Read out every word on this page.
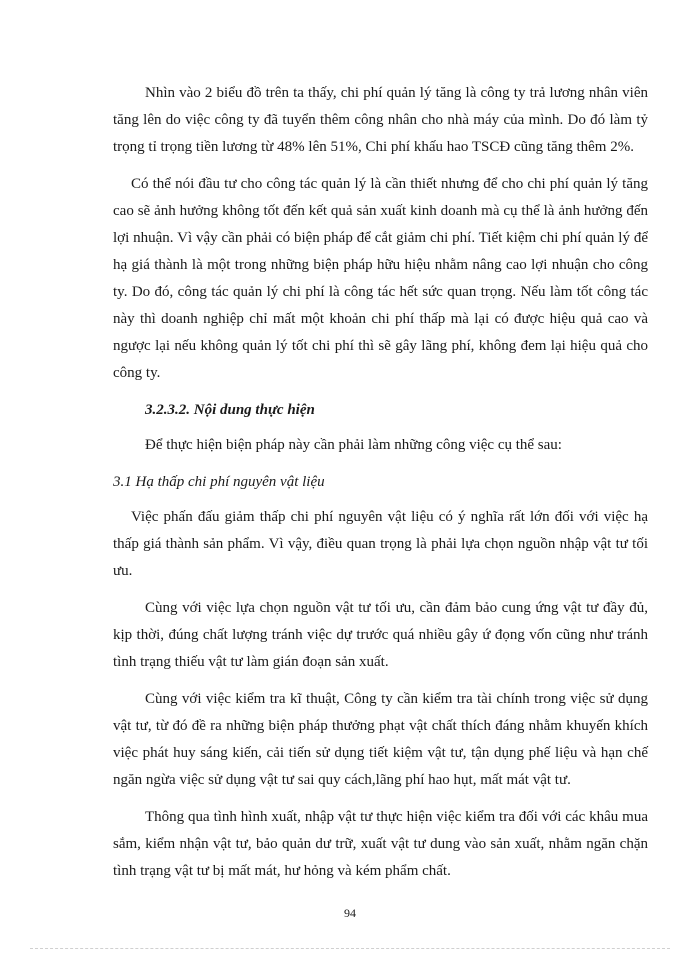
Nhìn vào 2 biểu đồ trên ta thấy, chi phí quản lý tăng là công ty trả lương nhân viên tăng lên do việc công ty đã tuyển thêm công nhân cho nhà máy của mình. Do đó làm tỷ trọng tỉ trọng tiền lương từ 48% lên 51%, Chi phí khấu hao TSCĐ cũng tăng thêm 2%.

Có thể nói đầu tư cho công tác quản lý là cần thiết nhưng để cho chi phí quản lý tăng cao sẽ ảnh hưởng không tốt đến kết quả sản xuất kinh doanh mà cụ thể là ảnh hưởng đến lợi nhuận. Vì vậy cần phải có biện pháp để cắt giảm chi phí. Tiết kiệm chi phí quản lý để hạ giá thành là một trong những biện pháp hữu hiệu nhằm nâng cao lợi nhuận cho công ty. Do đó, công tác quản lý chi phí là công tác hết sức quan trọng. Nếu làm tốt công tác này thì doanh nghiệp chỉ mất một khoản chi phí thấp mà lại có được hiệu quả cao và ngược lại nếu không quản lý tốt chi phí thì sẽ gây lãng phí, không đem lại hiệu quả cho công ty.

3.2.3.2. Nội dung thực hiện

Để thực hiện biện pháp này cần phải làm những công việc cụ thể sau:

3.1 Hạ thấp chi phí nguyên vật liệu

Việc phấn đấu giảm thấp chi phí nguyên vật liệu có ý nghĩa rất lớn đối với việc hạ thấp giá thành sản phẩm. Vì vậy, điều quan trọng là phải lựa chọn nguồn nhập vật tư tối ưu.

Cùng với việc lựa chọn nguồn vật tư tối ưu, cần đảm bảo cung ứng vật tư đầy đủ, kịp thời, đúng chất lượng tránh việc dự trước quá nhiều gây ứ đọng vốn cũng như tránh tình trạng thiếu vật tư làm gián đoạn sản xuất.

Cùng với việc kiểm tra kĩ thuật, Công ty cần kiểm tra tài chính trong việc sử dụng vật tư, từ đó đề ra những biện pháp thưởng phạt vật chất thích đáng nhằm khuyến khích việc phát huy sáng kiến, cải tiến sử dụng tiết kiệm vật tư, tận dụng phế liệu và hạn chế ngăn ngừa việc sử dụng vật tư sai quy cách,lãng phí hao hụt, mất mát vật tư.

Thông qua tình hình xuất, nhập vật tư thực hiện việc kiểm tra đối với các khâu mua sắm, kiểm nhận vật tư, bảo quản dư trữ, xuất vật tư dung vào sản xuất, nhằm ngăn chặn tình trạng vật tư bị mất mát, hư hỏng và kém phẩm chất.

94
